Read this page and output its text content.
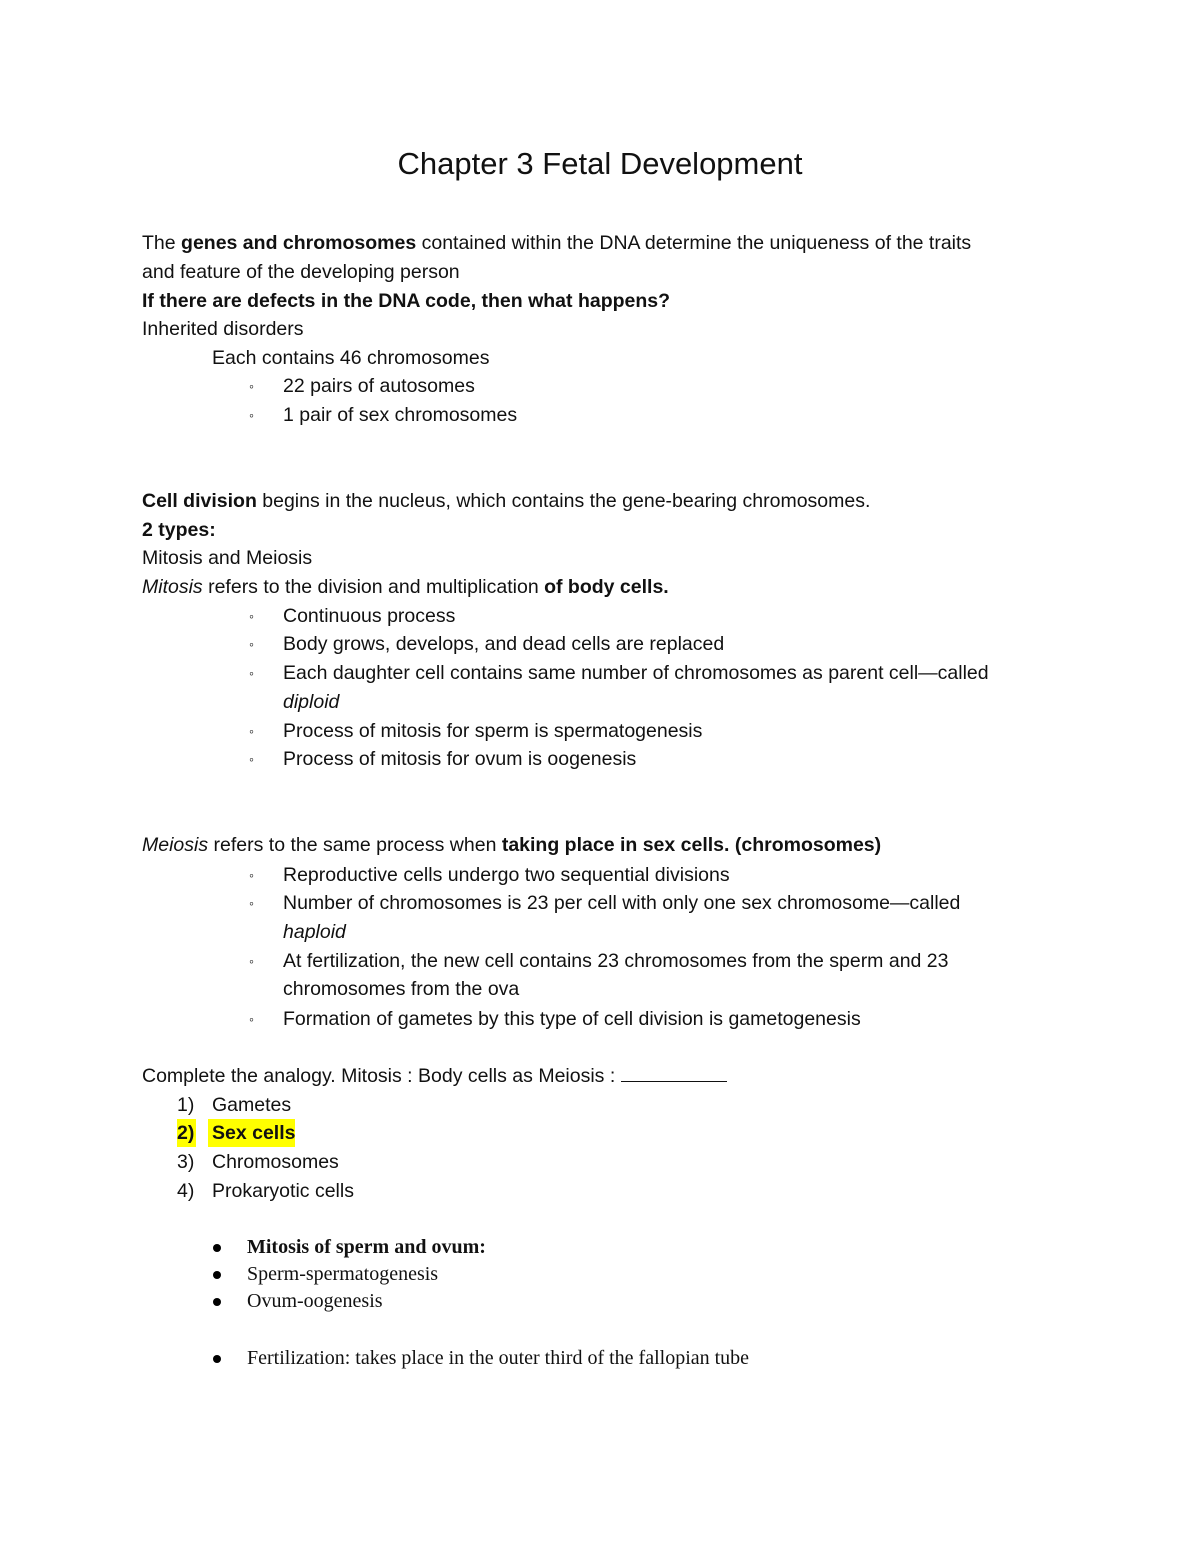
Chapter 3 Fetal Development
The genes and chromosomes contained within the DNA determine the uniqueness of the traits
and feature of the developing person
If there are defects in the DNA code, then what happens?
Inherited disorders
Each contains 46 chromosomes
◦ 22 pairs of autosomes
◦ 1 pair of sex chromosomes
Cell division begins in the nucleus, which contains the gene-bearing chromosomes.
2 types:
Mitosis and Meiosis
Mitosis refers to the division and multiplication of body cells.
◦ Continuous process
◦ Body grows, develops, and dead cells are replaced
◦ Each daughter cell contains same number of chromosomes as parent cell—called
diploid
◦ Process of mitosis for sperm is spermatogenesis
◦ Process of mitosis for ovum is oogenesis
Meiosis refers to the same process when taking place in sex cells. (chromosomes)
◦ Reproductive cells undergo two sequential divisions
◦ Number of chromosomes is 23 per cell with only one sex chromosome—called
haploid
◦ At fertilization, the new cell contains 23 chromosomes from the sperm and 23
chromosomes from the ova
◦ Formation of gametes by this type of cell division is gametogenesis
Complete the analogy. Mitosis : Body cells as Meiosis :
1) Gametes
2) Sex cells
3) Chromosomes
4) Prokaryotic cells
Mitosis of sperm and ovum:
Sperm-spermatogenesis
Ovum-oogenesis
Fertilization: takes place in the outer third of the fallopian tube
